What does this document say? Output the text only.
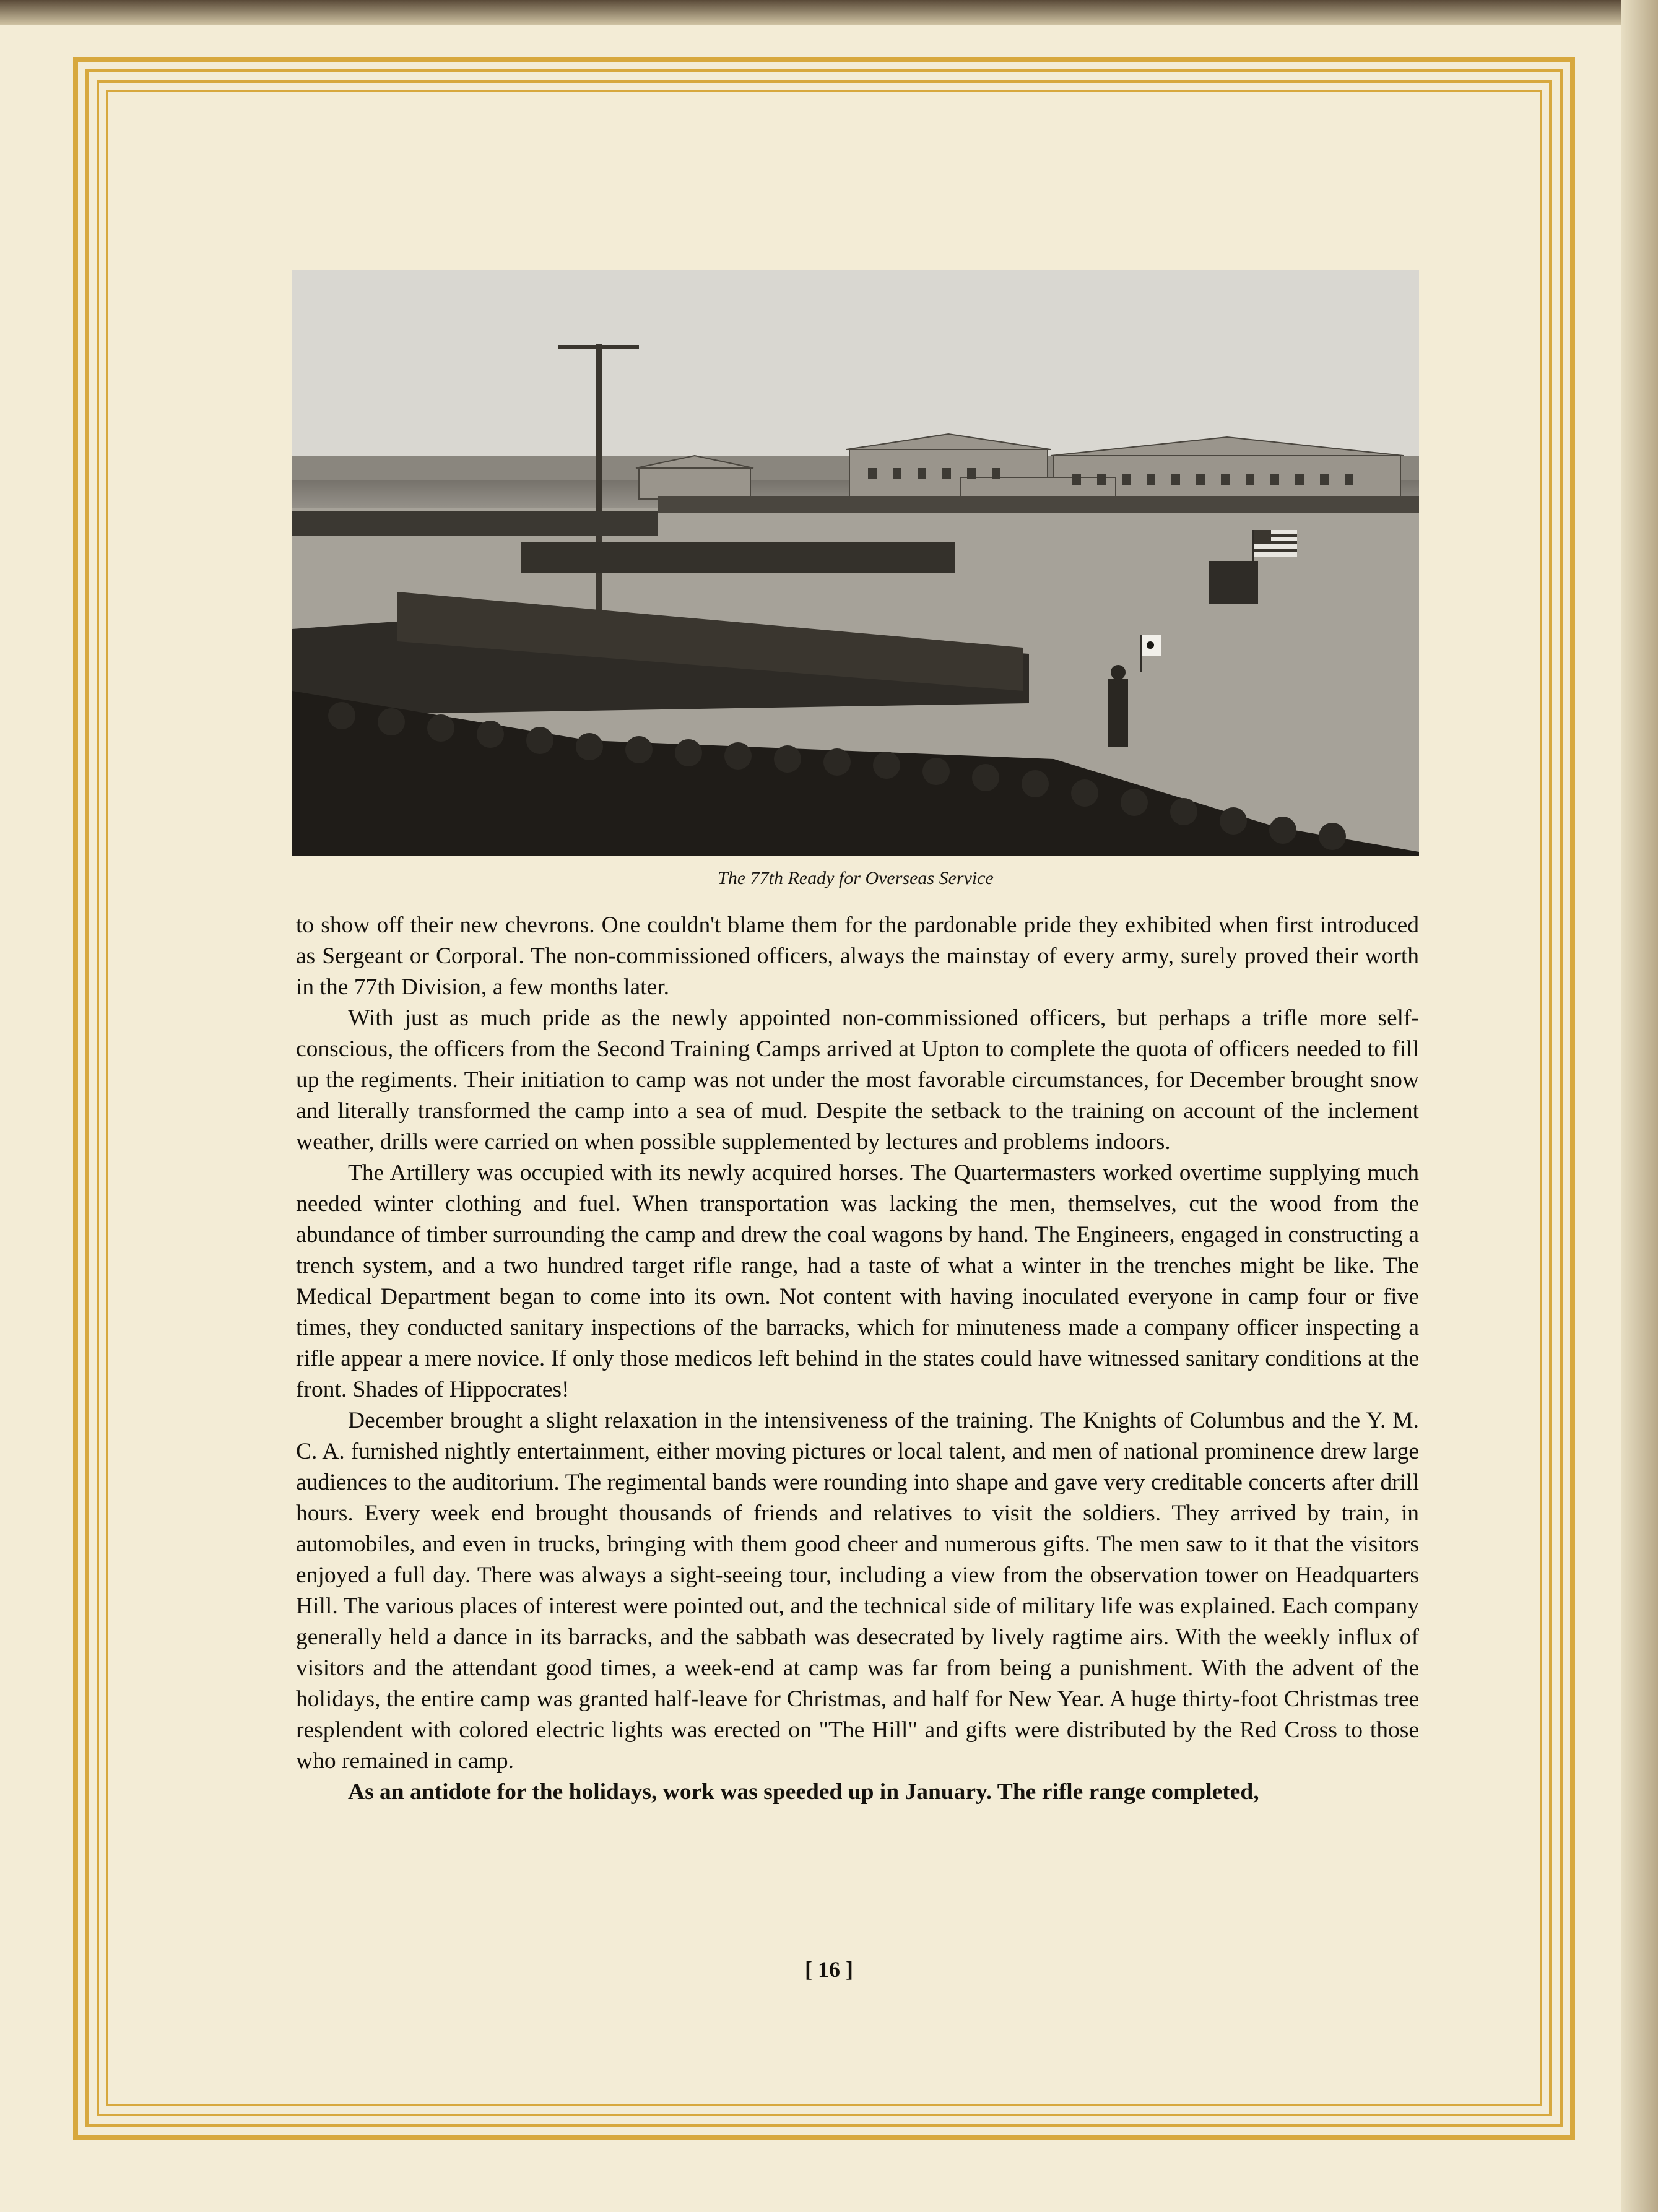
The 77th Ready for Overseas Service

to show off their new chevrons. One couldn't blame them for the pardonable pride they exhibited when first introduced as Sergeant or Corporal. The non-commissioned officers, always the mainstay of every army, surely proved their worth in the 77th Division, a few months later.

With just as much pride as the newly appointed non-commissioned officers, but perhaps a trifle more self-conscious, the officers from the Second Training Camps arrived at Upton to complete the quota of officers needed to fill up the regiments. Their initiation to camp was not under the most favorable circumstances, for December brought snow and literally transformed the camp into a sea of mud. Despite the setback to the training on account of the inclement weather, drills were carried on when possible supplemented by lectures and problems indoors.

The Artillery was occupied with its newly acquired horses. The Quartermasters worked overtime supplying much needed winter clothing and fuel. When transportation was lacking the men, themselves, cut the wood from the abundance of timber surrounding the camp and drew the coal wagons by hand. The Engineers, engaged in constructing a trench system, and a two hundred target rifle range, had a taste of what a winter in the trenches might be like. The Medical Department began to come into its own. Not content with having inoculated everyone in camp four or five times, they conducted sanitary inspections of the barracks, which for minuteness made a company officer inspecting a rifle appear a mere novice. If only those medicos left behind in the states could have witnessed sanitary conditions at the front. Shades of Hippocrates!

December brought a slight relaxation in the intensiveness of the training. The Knights of Columbus and the Y. M. C. A. furnished nightly entertainment, either moving pictures or local talent, and men of national prominence drew large audiences to the auditorium. The regimental bands were rounding into shape and gave very creditable concerts after drill hours. Every week end brought thousands of friends and relatives to visit the soldiers. They arrived by train, in automobiles, and even in trucks, bringing with them good cheer and numerous gifts. The men saw to it that the visitors enjoyed a full day. There was always a sight-seeing tour, including a view from the observation tower on Headquarters Hill. The various places of interest were pointed out, and the technical side of military life was explained. Each company generally held a dance in its barracks, and the sabbath was desecrated by lively ragtime airs. With the weekly influx of visitors and the attendant good times, a week-end at camp was far from being a punishment. With the advent of the holidays, the entire camp was granted half-leave for Christmas, and half for New Year. A huge thirty-foot Christmas tree resplendent with colored electric lights was erected on "The Hill" and gifts were distributed by the Red Cross to those who remained in camp.

As an antidote for the holidays, work was speeded up in January. The rifle range completed,

[ 16 ]
